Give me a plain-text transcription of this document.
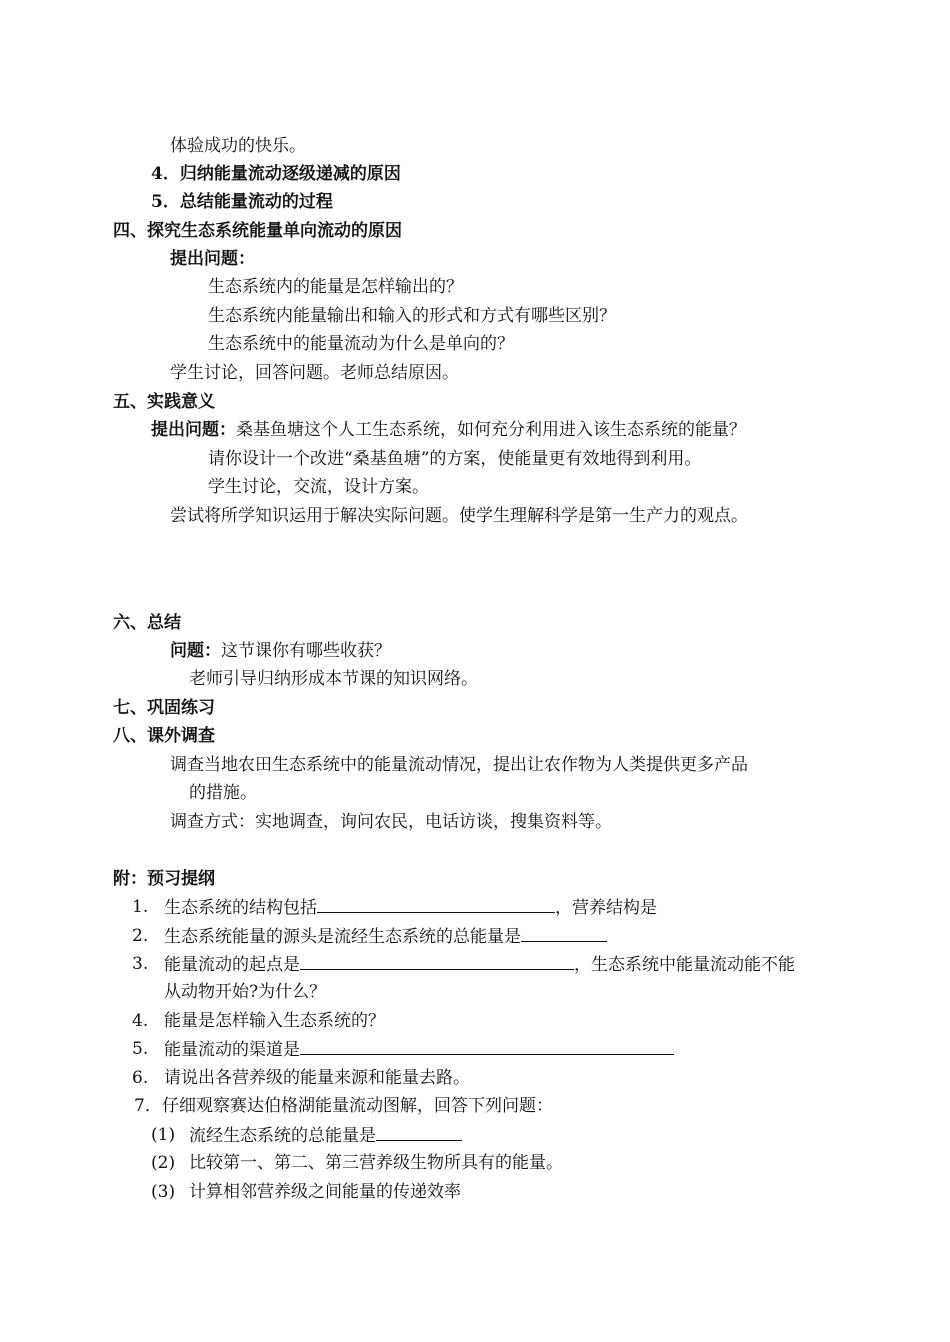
体验成功的快乐。
4．归纳能量流动逐级递减的原因
5．总结能量流动的过程
四、探究生态系统能量单向流动的原因
提出问题：
生态系统内的能量是怎样输出的？
生态系统内能量输出和输入的形式和方式有哪些区别？
生态系统中的能量流动为什么是单向的？
学生讨论，回答问题。老师总结原因。
五、实践意义
提出问题：桑基鱼塘这个人工生态系统，如何充分利用进入该生态系统的能量？
请你设计一个改进“桑基鱼塘”的方案，使能量更有效地得到利用。
学生讨论，交流，设计方案。
尝试将所学知识运用于解决实际问题。使学生理解科学是第一生产力的观点。
六、总结
问题：这节课你有哪些收获？
老师引导归纳形成本节课的知识网络。
七、巩固练习
八、课外调查
调查当地农田生态系统中的能量流动情况，提出让农作物为人类提供更多产品
的措施。
调查方式：实地调查，询问农民，电话访谈，搜集资料等。
附：预习提纲
1. 生态系统的结构包括	，营养结构是
2. 生态系统能量的源头是流经生态系统的总能量是
3. 能量流动的起点是	，生态系统中能量流动能不能
从动物开始?为什么？
4. 能量是怎样输入生态系统的？
5. 能量流动的渠道是
6. 请说出各营养级的能量来源和能量去路。
7． 仔细观察赛达伯格湖能量流动图解，回答下列问题：
(1) 流经生态系统的总能量是
(2) 比较第一、第二、第三营养级生物所具有的能量。
(3) 计算相邻营养级之间能量的传递效率
